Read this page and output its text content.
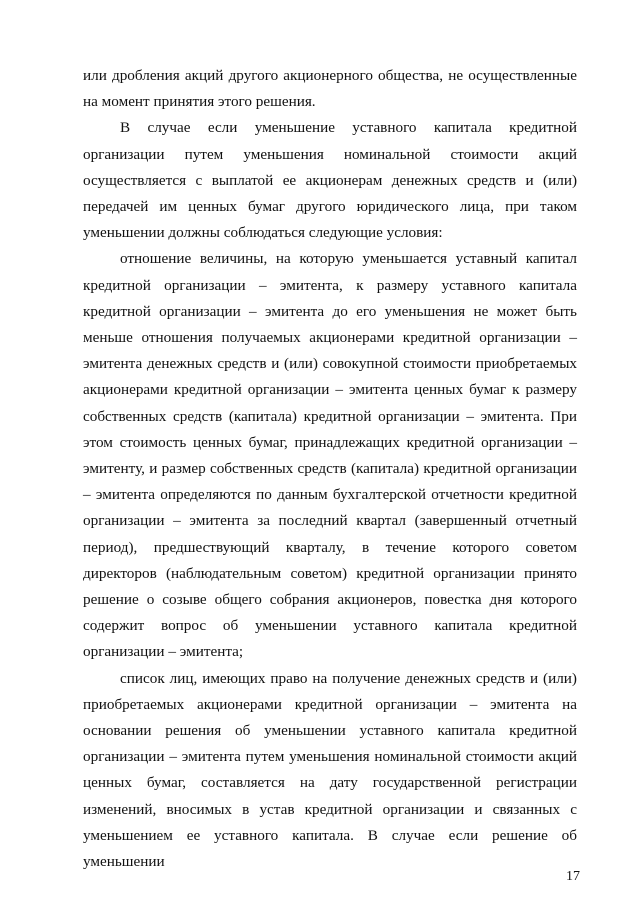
или дробления акций другого акционерного общества, не осуществленные на момент принятия этого решения.

В случае если уменьшение уставного капитала кредитной организации путем уменьшения номинальной стоимости акций осуществляется с выплатой ее акционерам денежных средств и (или) передачей им ценных бумаг другого юридического лица, при таком уменьшении должны соблюдаться следующие условия:

отношение величины, на которую уменьшается уставный капитал кредитной организации – эмитента, к размеру уставного капитала кредитной организации – эмитента до его уменьшения не может быть меньше отношения получаемых акционерами кредитной организации – эмитента денежных средств и (или) совокупной стоимости приобретаемых акционерами кредитной организации – эмитента ценных бумаг к размеру собственных средств (капитала) кредитной организации – эмитента. При этом стоимость ценных бумаг, принадлежащих кредитной организации – эмитенту, и размер собственных средств (капитала) кредитной организации – эмитента определяются по данным бухгалтерской отчетности кредитной организации – эмитента за последний квартал (завершенный отчетный период), предшествующий кварталу, в течение которого советом директоров (наблюдательным советом) кредитной организации принято решение о созыве общего собрания акционеров, повестка дня которого содержит вопрос об уменьшении уставного капитала кредитной организации – эмитента;

список лиц, имеющих право на получение денежных средств и (или) приобретаемых акционерами кредитной организации – эмитента на основании решения об уменьшении уставного капитала кредитной организации – эмитента путем уменьшения номинальной стоимости акций ценных бумаг, составляется на дату государственной регистрации изменений, вносимых в устав кредитной организации и связанных с уменьшением ее уставного капитала. В случае если решение об уменьшении

17
